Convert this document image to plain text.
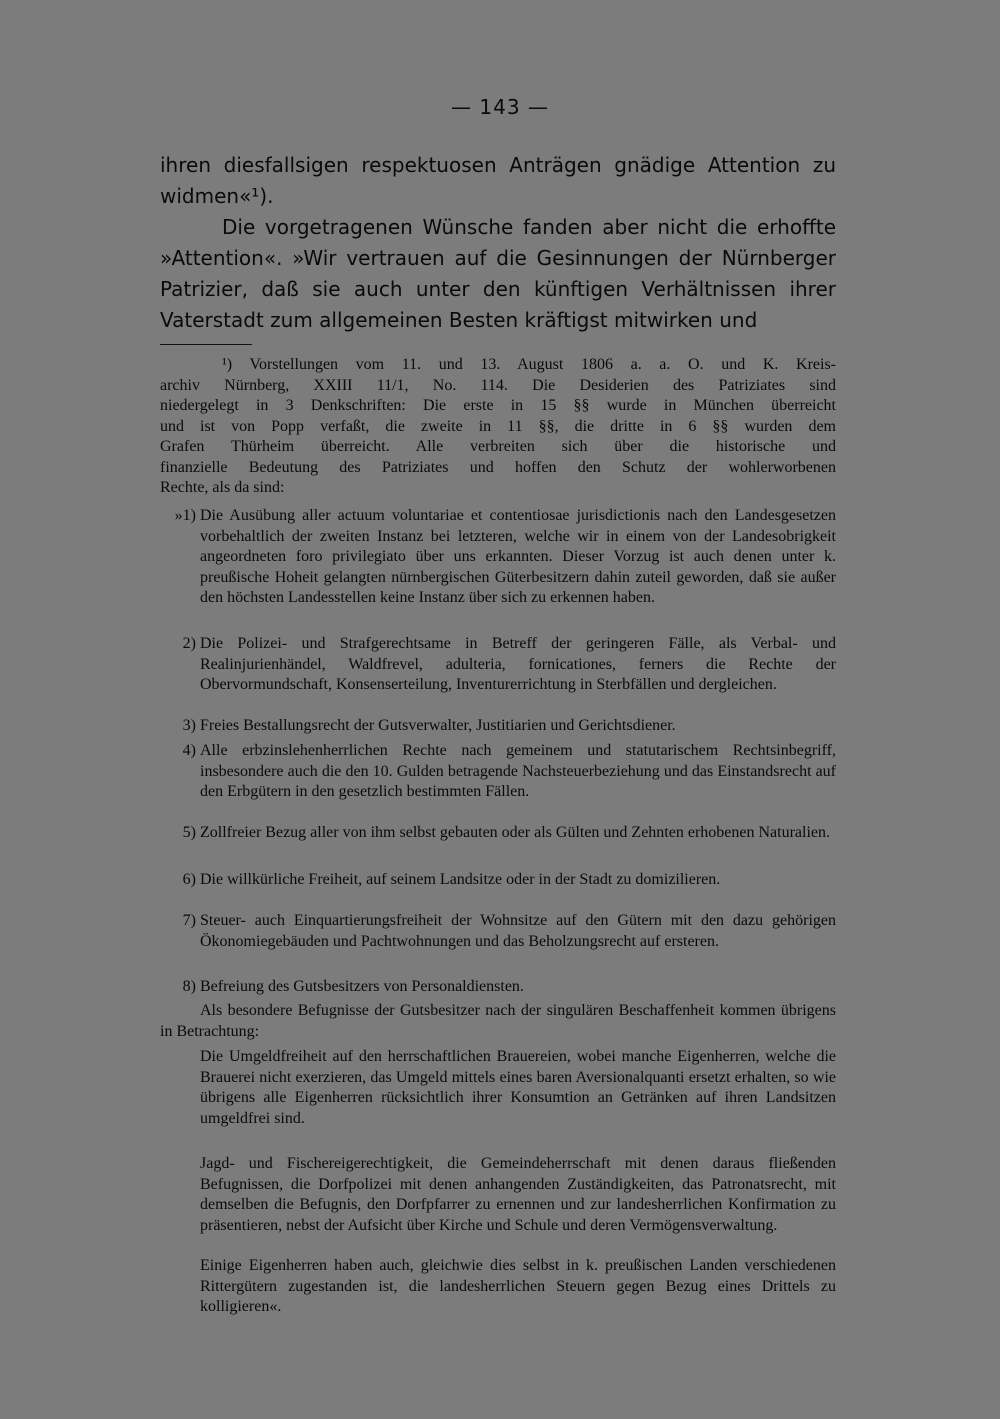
— 143 —

ihren diesfallsigen respektuosen Anträgen gnädige Attention zu widmen«¹).

Die vorgetragenen Wünsche fanden aber nicht die erhoffte »Attention«. »Wir vertrauen auf die Gesinnungen der Nürnberger Patrizier, daß sie auch unter den künftigen Verhältnissen ihrer Vaterstadt zum allgemeinen Besten kräftigst mitwirken und

¹) Vorstellungen vom 11. und 13. August 1806 a. a. O. und K. Kreis-
archiv Nürnberg, XXIII 11/1, No. 114. Die Desiderien des Patriziates sind
niedergelegt in 3 Denkschriften: Die erste in 15 §§ wurde in München überreicht
und ist von Popp verfaßt, die zweite in 11 §§, die dritte in 6 §§ wurden dem
Grafen Thürheim überreicht. Alle verbreiten sich über die historische und
finanzielle Bedeutung des Patriziates und hoffen den Schutz der wohlerworbenen
Rechte, als da sind:
»1) Die Ausübung aller actuum voluntariae et contentiosae jurisdictionis nach den Landesgesetzen vorbehaltlich der zweiten Instanz bei letzteren, welche wir in einem von der Landesobrigkeit angeordneten foro privilegiato über uns erkannten. Dieser Vorzug ist auch denen unter k. preußische Hoheit gelangten nürnbergischen Güterbesitzern dahin zuteil geworden, daß sie außer den höchsten Landesstellen keine Instanz über sich zu erkennen haben.
2) Die Polizei- und Strafgerechtsame in Betreff der geringeren Fälle, als Verbal- und Realinjurienhändel, Waldfrevel, adulteria, fornicationes, ferners die Rechte der Obervormundschaft, Konsenserteilung, Inventurerrichtung in Sterbfällen und dergleichen.
3) Freies Bestallungsrecht der Gutsverwalter, Justitiarien und Gerichtsdiener.
4) Alle erbzinslehenherrlichen Rechte nach gemeinem und statutarischem Rechtsinbegriff, insbesondere auch die den 10. Gulden betragende Nachsteuerbeziehung und das Einstandsrecht auf den Erbgütern in den gesetzlich bestimmten Fällen.
5) Zollfreier Bezug aller von ihm selbst gebauten oder als Gülten und Zehnten erhobenen Naturalien.
6) Die willkürliche Freiheit, auf seinem Landsitze oder in der Stadt zu domizilieren.
7) Steuer- auch Einquartierungsfreiheit der Wohnsitze auf den Gütern mit den dazu gehörigen Ökonomiegebäuden und Pachtwohnungen und das Beholzungsrecht auf ersteren.
8) Befreiung des Gutsbesitzers von Personaldiensten.
Als besondere Befugnisse der Gutsbesitzer nach der singulären Beschaffenheit kommen übrigens in Betrachtung:
Die Umgeldfreiheit auf den herrschaftlichen Brauereien, wobei manche Eigenherren, welche die Brauerei nicht exerzieren, das Umgeld mittels eines baren Aversionalquanti ersetzt erhalten, so wie übrigens alle Eigenherren rücksichtlich ihrer Konsumtion an Getränken auf ihren Landsitzen umgeldfrei sind.
Jagd- und Fischereigerechtigkeit, die Gemeindeherrschaft mit denen daraus fließenden Befugnissen, die Dorfpolizei mit denen anhangenden Zuständigkeiten, das Patronatsrecht, mit demselben die Befugnis, den Dorfpfarrer zu ernennen und zur landesherrlichen Konfirmation zu präsentieren, nebst der Aufsicht über Kirche und Schule und deren Vermögensverwaltung.
Einige Eigenherren haben auch, gleichwie dies selbst in k. preußischen Landen verschiedenen Rittergütern zugestanden ist, die landesherrlichen Steuern gegen Bezug eines Drittels zu kolligieren«.
